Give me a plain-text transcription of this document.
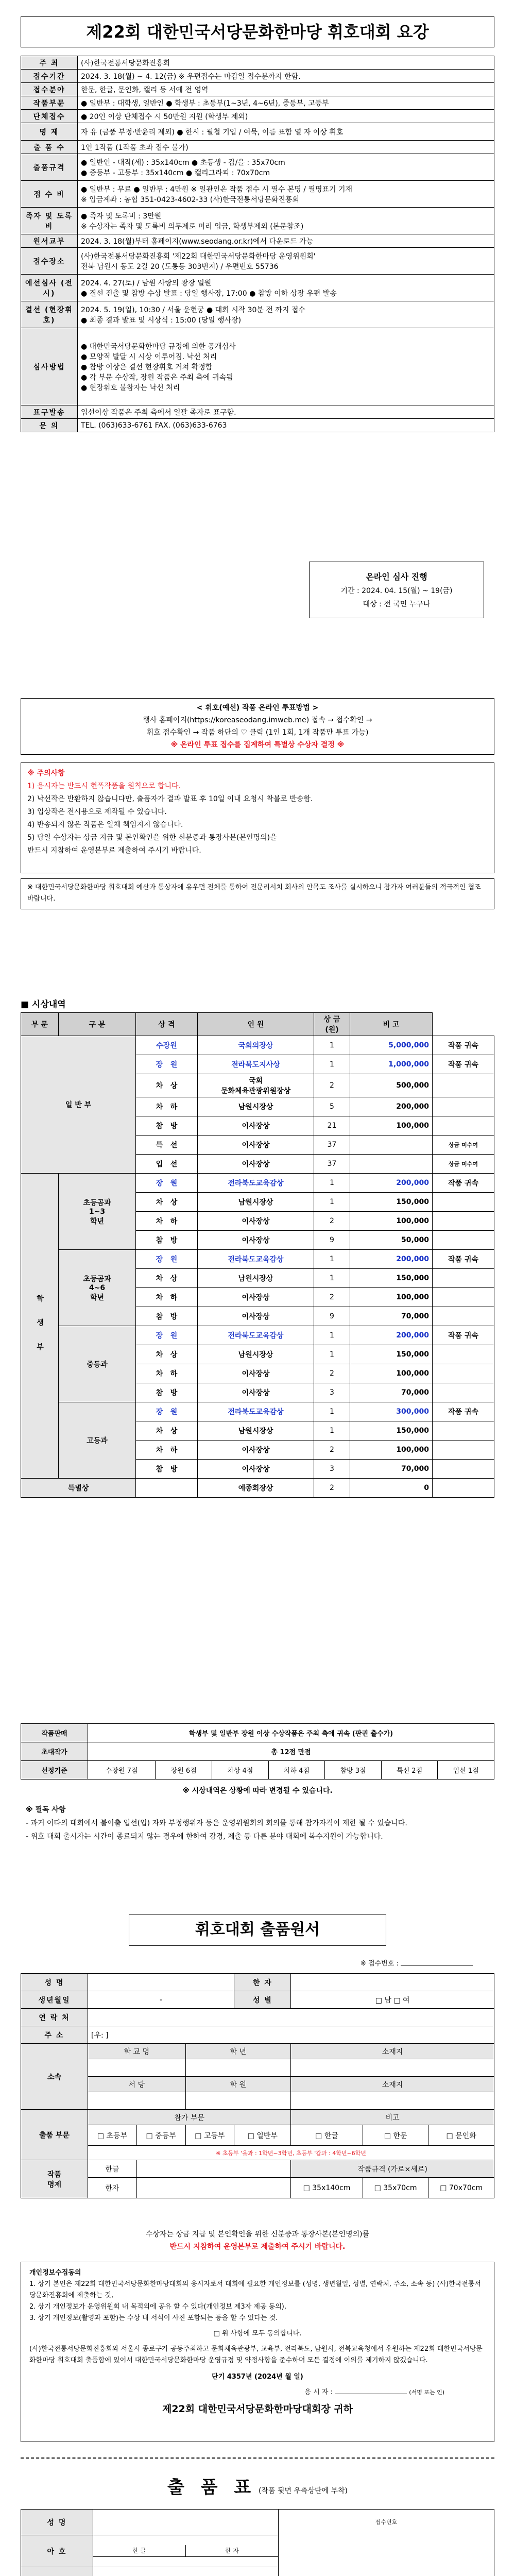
제22회 대한민국서당문화한마당 휘호대회 요강
주 최	(사)한국전통서당문화진흥회
접수기간	2024. 3. 18(월) ~ 4. 12(금) ※ 우편접수는 마감일 접수분까지 한함.
접수분야	한문, 한글, 문인화, 캘리 등 서예 전 영역
작품부문	● 일반부 : 대학생, 일반인 ● 학생부 : 초등부(1~3년, 4~6년), 중등부, 고등부
단체접수	● 20인 이상 단체접수 시 50만원 지원 (학생부 제외)
명 제	자 유 (금품 부정·반윤리 제외) ● 한시 : 필첩 기입 / 여묵, 이름 표함 열 자 이상 휘호
출 품 수	1인 1작품 (1작품 초과 접수 불가)
출품규격	● 일반인 - 대작(세) : 35x140cm ● 초등생 - 갑/을 : 35x70cm
● 중등부 - 고등부 : 35x140cm ● 캘리그라피 : 70x70cm
접 수 비	● 일반부 : 무료 ● 일반부 : 4만원 ※ 일관인은 작품 접수 시 필수 본명 / 필명표기 기재
※ 입금계좌 : 농협 351-0423-4602-33 (사)한국전통서당문화진흥회
족자 및 도록비	● 족자 및 도록비 : 3만원
※ 수상자는 족자 및 도록비 의무제로 미리 입금, 학생부제외 (본문참조)
원서교부	2024. 3. 18(월)부터 홈페이지(www.seodang.or.kr)에서 다운로드 가능
접수장소	(사)한국전통서당문화진흥회 '제22회 대한민국서당문화한마당 운영위원회'
전북 남원시 동도 2길 20 (도통동 303번지) / 우편번호 55736
예선심사 (전시)	2024. 4. 27(토) / 남원 사랑의 광장 일원
● 결선 진출 및 참방 수상 발표 : 당일 행사장, 17:00 ● 참방 이하 상장 우편 발송
결선 (현장휘호)	2024. 5. 19(일), 10:30 / 서울 운현궁 ● 대회 시작 30분 전 까지 접수
● 최종 결과 발표 및 시상식 : 15:00 (당일 행사장)
심사방법	● 대한민국서당문화한마당 규정에 의한 공개심사
● 모양적 발달 시 시상 이루어짐. 낙선 처리
● 참방 이상은 결선 현장휘호 거쳐 확정함
● 각 부문 수상작, 장원 작품은 주최 측에 귀속됨
● 현장휘호 불참자는 낙선 처리
표구발송	입선이상 작품은 주최 측에서 일괄 족자로 표구함.
문 의	TEL. (063)633-6761 FAX. (063)633-6763
온라인 심사 진행
기간 : 2024. 04. 15(월) ~ 19(금)
대상 : 전 국민 누구나
< 휘호(예선) 작품 온라인 투표방법 >
행사 홈페이지(https://koreaseodang.imweb.me) 접속 → 접수확인 →
휘호 접수확인 → 작품 하단의 ♡ 클릭 (1인 1회, 1개 작품만 투표 가능)
※ 온라인 투표 접수를 집계하여 특별상 수상자 결정 ※
※ 주의사항
1) 음시자는 반드시 현폭작품을 원칙으로 합니다.
2) 낙선작은 반환하지 않습니다만, 출품자가 결과 발표 후 10일 이내 요청시 착불로 반송함.
3) 입상작은 전시용으로 제작될 수 있습니다.
4) 반송되지 않은 작품은 일체 책임지지 않습니다.
5) 당일 수상자는 상금 지급 및 본인확인을 위한 신분증과 통장사본(본인명의)을
반드시 지참하여 운영본부로 제출하여 주시기 바랍니다.
※ 대한민국서당문화한마당 휘호대회 예산과 통상자에 유우먼 전체를 통하여 전문리서치 회사의 안목도 조사를 실시하오니 참가자 여러분들의 적극적인 협조 바랍니다.
■ 시상내역
부 문	구 분	상 격	인 원	상 금 (원)	비 고	
일 반 부		수장원	국회의장상	1	5,000,000	작품 귀속
		장   원	전라북도지사상	1	1,000,000	작품 귀속
		차   상	국회
문화체육관광위원장상	2	500,000	
		차   하	남원시장상	5	200,000	
		참   방	이사장상	21	100,000	
		특   선	이사장상	37		상금 미수여
		입   선	이사장상	37		상금 미수여
학 생 부	초등곰과
1~3
학년	장   원	전라북도교육감상	1	200,000	작품 귀속
		차   상	남원시장상	1	150,000	
		차   하	이사장상	2	100,000	
		참   방	이사장상	9	50,000	
	초등곰과
4~6
학년	장   원	전라북도교육감상	1	200,000	작품 귀속
		차   상	남원시장상	1	150,000	
		차   하	이사장상	2	100,000	
		참   방	이사장상	9	70,000	
	중등과	장   원	전라북도교육감상	1	200,000	작품 귀속
		차   상	남원시장상	1	150,000	
		차   하	이사장상	2	100,000	
		참   방	이사장상	3	70,000	
	고등과	장   원	전라북도교육감상	1	300,000	작품 귀속
		차   상	남원시장상	1	150,000	
		차   하	이사장상	2	100,000	
		참   방	이사장상	3	70,000	
특별상			예종회장상	2	0	
작품판매	학생부 및 일반부 장원 이상 수상작품은 주최 측에 귀속 (판권 출수가)						
초대작가	총 12점 만점						
선정기준	수장원 7점	장원 6점	차상 4점	차하 4점	참방 3점	특선 2점	입선 1점
※ 시상내역은 상황에 따라 변경될 수 있습니다.
※ 필독 사항
- 과거 여타의 대회에서 불이출 입선(입) 자와 부정행위자 등은 운영위원회의 회의를 통해 참가자격이 제한 될 수 있습니다.
- 위호 대회 출시자는 시간이 종료되지 않는 경우에 한하여 강경, 제출 등 다른 분야 대회에 복수지원이 가능합니다.
휘호대회 출품원서
※ 접수번호 :
성 명				한 자			
생년월일	-			성 별	□ 남 □ 여		
연 락 처							
주 소	[우: ]						
소속	학 교 명		학 년		소재지		

	서 당		학 원		소재지		

출품 부문	참가 부문				비고		
	□ 초등부	□ 중등부	□ 고등부	□ 일반부	□ 한글	□ 한문	□ 문인화
	※ 초등부 '을과 : 1학년~3학년, 초등부 '갑과 : 4학년~6학년						
작품
명제	한글				작품규격 (가로×세로)		
	한자				□ 35x140cm	□ 35x70cm	□ 70x70cm
수상자는 상금 지급 및 본인확인을 위한 신분증과 통장사본(본인명의)를
반드시 지참하여 운영본부로 제출하여 주시기 바랍니다.
개인정보수집동의
1. 상기 본인은 제22회 대한민국서당문화한마당대회의 응시자로서 대회에 필요한 개인정보를 (성명, 생년월일, 성별, 연락처, 주소, 소속 등) (사)한국전통서당문화진흥회에 제출하는 것,
2. 상기 개인정보가 운영위원회 내 목적외에 공유 할 수 있다(개인정보 제3자 제공 동의),
3. 상기 개인정보(촬영과 포함)는 수상 내 서식이 사진 포함되는 등을 할 수 있다는 것.
□ 위 사항에 모두 동의합니다.
(사)한국전통서당문화진흥회와 서울시 종로구가 공동주최하고 문화체육관광부, 교육부, 전라북도, 남원시, 전북교육청에서 후원하는 제22회 대한민국서당문화한마당 휘호대회 출품함에 있어서 대한민국서당문화한마당 운영규정 및 약정사항을 준수하며 모든 결정에 이의를 제기하지 않겠습니다.
단기 4357년 (2024년 월 일)
응 시 자 :	(서명 또는 인)
제22회 대한민국서당문화한마당대회장 귀하
출 품 표 (작품 뒷면 우측상단에 부착)
성 명		접수번호
아 호	한 글 한 자	
